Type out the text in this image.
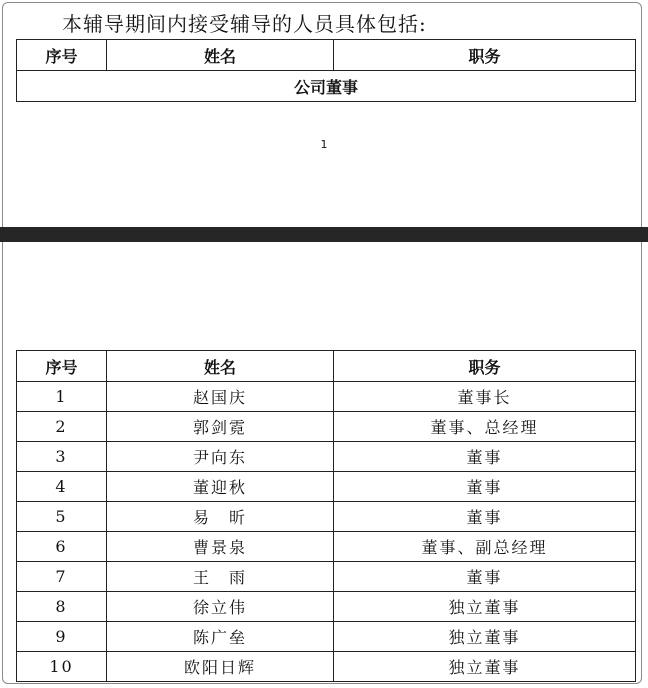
本辅导期间内接受辅导的人员具体包括:
序号	姓名	职务
公司董事
1
序号	姓名	职务
1	赵国庆	董事长
2	郭剑霓	董事、总经理
3	尹向东	董事
4	董迎秋	董事
5	易　昕	董事
6	曹景泉	董事、副总经理
7	王　雨	董事
8	徐立伟	独立董事
9	陈广垒	独立董事
10	欧阳日辉	独立董事
